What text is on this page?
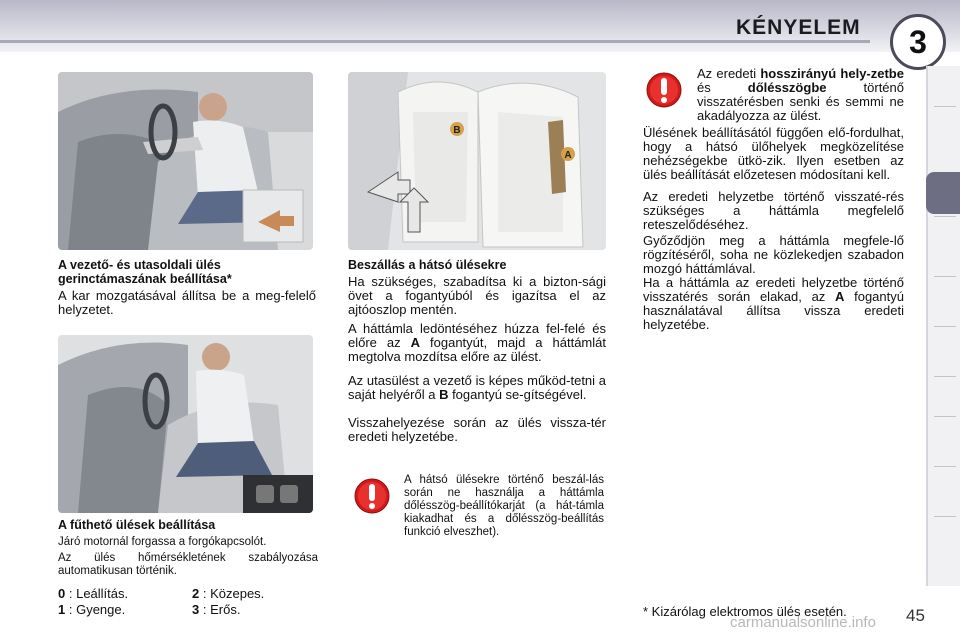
KÉNYELEM	3
B
A
A vezető- és utasoldali ülés gerinctámaszának beállítása*
A kar mozgatásával állítsa be a meg-felelő helyzetet.
A fűthető ülések beállítása
Járó motornál forgassa a forgókapcsolót.
Az ülés hőmérsékletének szabályozása automatikusan történik.
0 : Leállítás.	2 : Közepes.
1 : Gyenge.	3 : Erős.
Beszállás a hátsó ülésekre
Ha szükséges, szabadítsa ki a bizton-sági övet a fogantyúból és igazítsa el az ajtóoszlop mentén.
A háttámla ledöntéséhez húzza fel-felé és előre az A fogantyút, majd a háttámlát megtolva mozdítsa előre az ülést.
Az utasülést a vezető is képes működ-tetni a saját helyéről a B fogantyú se-gítségével.
Visszahelyezése során az ülés vissza-tér eredeti helyzetébe.
A hátsó ülésekre történő beszál-lás során ne használja a háttámla dőlésszög-beállítókarját (a hát-támla kiakadhat és a dőlésszög-beállítás funkció elveszhet).
Az eredeti hosszirányú hely-zetbe és dőlésszögbe történő visszatérésben senki és semmi ne akadályozza az ülést.
Ülésének beállításától függően elő-fordulhat, hogy a hátsó ülőhelyek megközelítése nehézségekbe ütkö-zik. Ilyen esetben az ülés beállítását előzetesen módosítani kell.
Az eredeti helyzetbe történő visszaté-rés szükséges a háttámla megfelelő reteszelődéséhez.
Győződjön meg a háttámla megfele-lő rögzítéséről, soha ne közlekedjen szabadon mozgó háttámlával.
Ha a háttámla az eredeti helyzetbe történő visszatérés során elakad, az A fogantyú használatával állítsa vissza eredeti helyzetébe.
* Kizárólag elektromos ülés esetén.
carmanualsonline.info 45
